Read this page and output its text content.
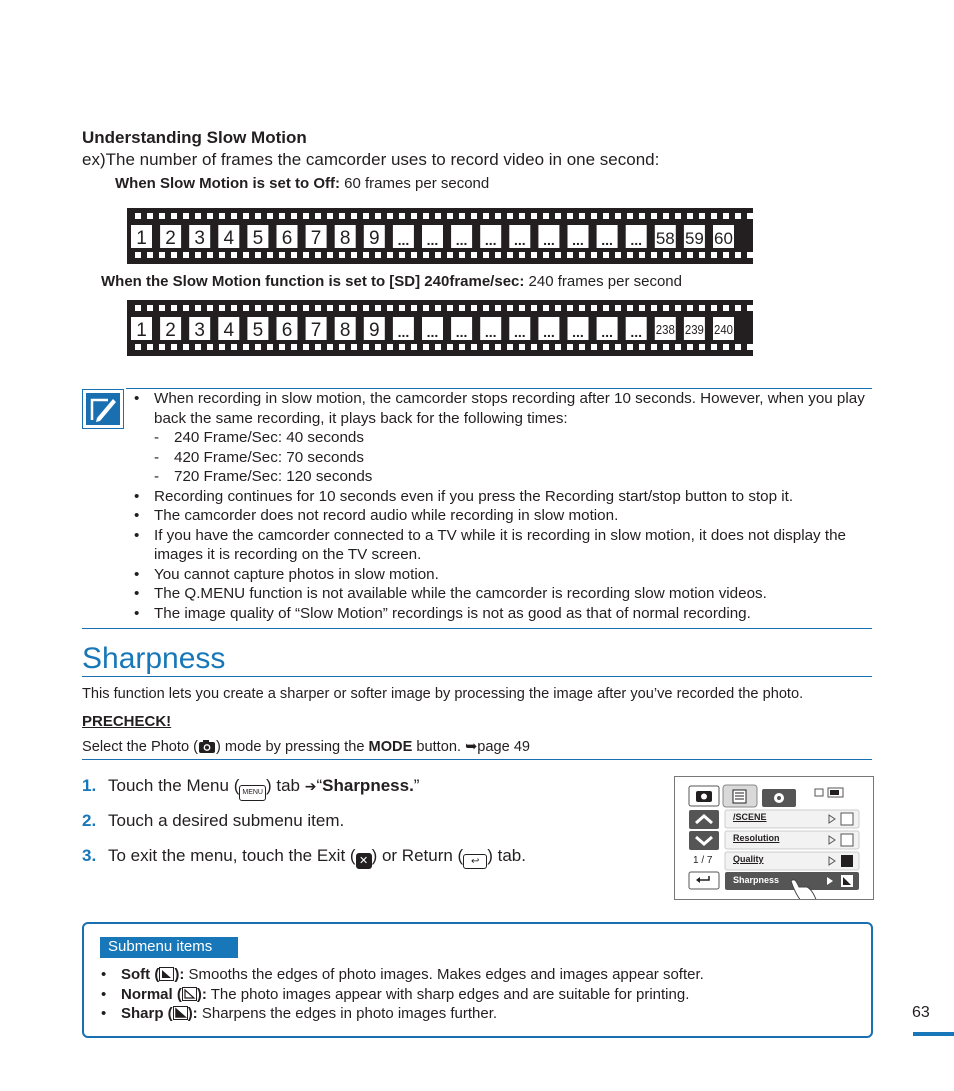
Understanding Slow Motion
ex)The number of frames the camcorder uses to record video in one second:
When Slow Motion is set to Off: 60 frames per second
1 2 3 4 5 6 7 8 9 ... ... ... ... ... ... ... ... ... 58 59 60
When the Slow Motion function is set to [SD] 240frame/sec: 240 frames per second
1 2 3 4 5 6 7 8 9 ... ... ... ... ... ... ... ... ... 238 239 240
• When recording in slow motion, the camcorder stops recording after 10 seconds. However, when you play back the same recording, it plays back for the following times:
- 240 Frame/Sec: 40 seconds
- 420 Frame/Sec: 70 seconds
- 720 Frame/Sec: 120 seconds
• Recording continues for 10 seconds even if you press the Recording start/stop button to stop it.
• The camcorder does not record audio while recording in slow motion.
• If you have the camcorder connected to a TV while it is recording in slow motion, it does not display the images it is recording on the TV screen.
• You cannot capture photos in slow motion.
• The Q.MENU function is not available while the camcorder is recording slow motion videos.
• The image quality of “Slow Motion” recordings is not as good as that of normal recording.
Sharpness
This function lets you create a sharper or softer image by processing the image after you’ve recorded the photo.
PRECHECK!
Select the Photo ( ) mode by pressing the MODE button. ➥page 49
1. Touch the Menu ( MENU ) tab ➔“Sharpness.”
2. Touch a desired submenu item.
3. To exit the menu, touch the Exit ( ✕ ) or Return ( ↩ ) tab.
/SCENE
Resolution
Quality
Sharpness
1 / 7
Submenu items
• Soft ( ): Smooths the edges of photo images. Makes edges and images appear softer.
• Normal ( ): The photo images appear with sharp edges and are suitable for printing.
• Sharp ( ): Sharpens the edges in photo images further.	63
